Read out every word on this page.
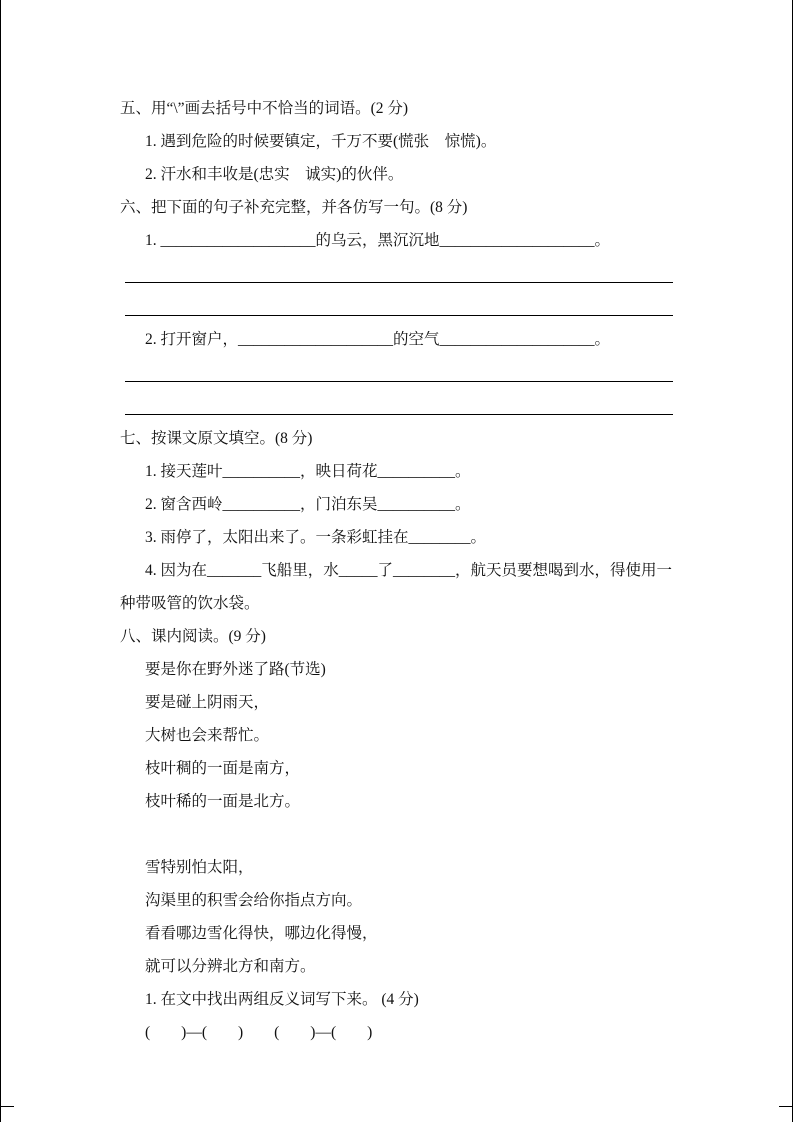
五、用“\”画去括号中不恰当的词语。(2 分)
1. 遇到危险的时候要镇定，千万不要(慌张　惊慌)。
2. 汗水和丰收是(忠实　诚实)的伙伴。
六、把下面的句子补充完整，并各仿写一句。(8 分)
1. ____________________的乌云，黑沉沉地____________________。
2. 打开窗户，____________________的空气____________________。
七、按课文原文填空。(8 分)
1. 接天莲叶__________，映日荷花__________。
2. 窗含西岭__________，门泊东吴__________。
3. 雨停了，太阳出来了。一条彩虹挂在________。
4. 因为在_______飞船里，水_____了________，航天员要想喝到水，得使用一
种带吸管的饮水袋。
八、课内阅读。(9 分)
要是你在野外迷了路(节选)
要是碰上阴雨天，
大树也会来帮忙。
枝叶稠的一面是南方，
枝叶稀的一面是北方。
雪特别怕太阳，
沟渠里的积雪会给你指点方向。
看看哪边雪化得快，哪边化得慢，
就可以分辨北方和南方。
1. 在文中找出两组反义词写下来。 (4 分)
(        )—(        )        (        )—(        )
